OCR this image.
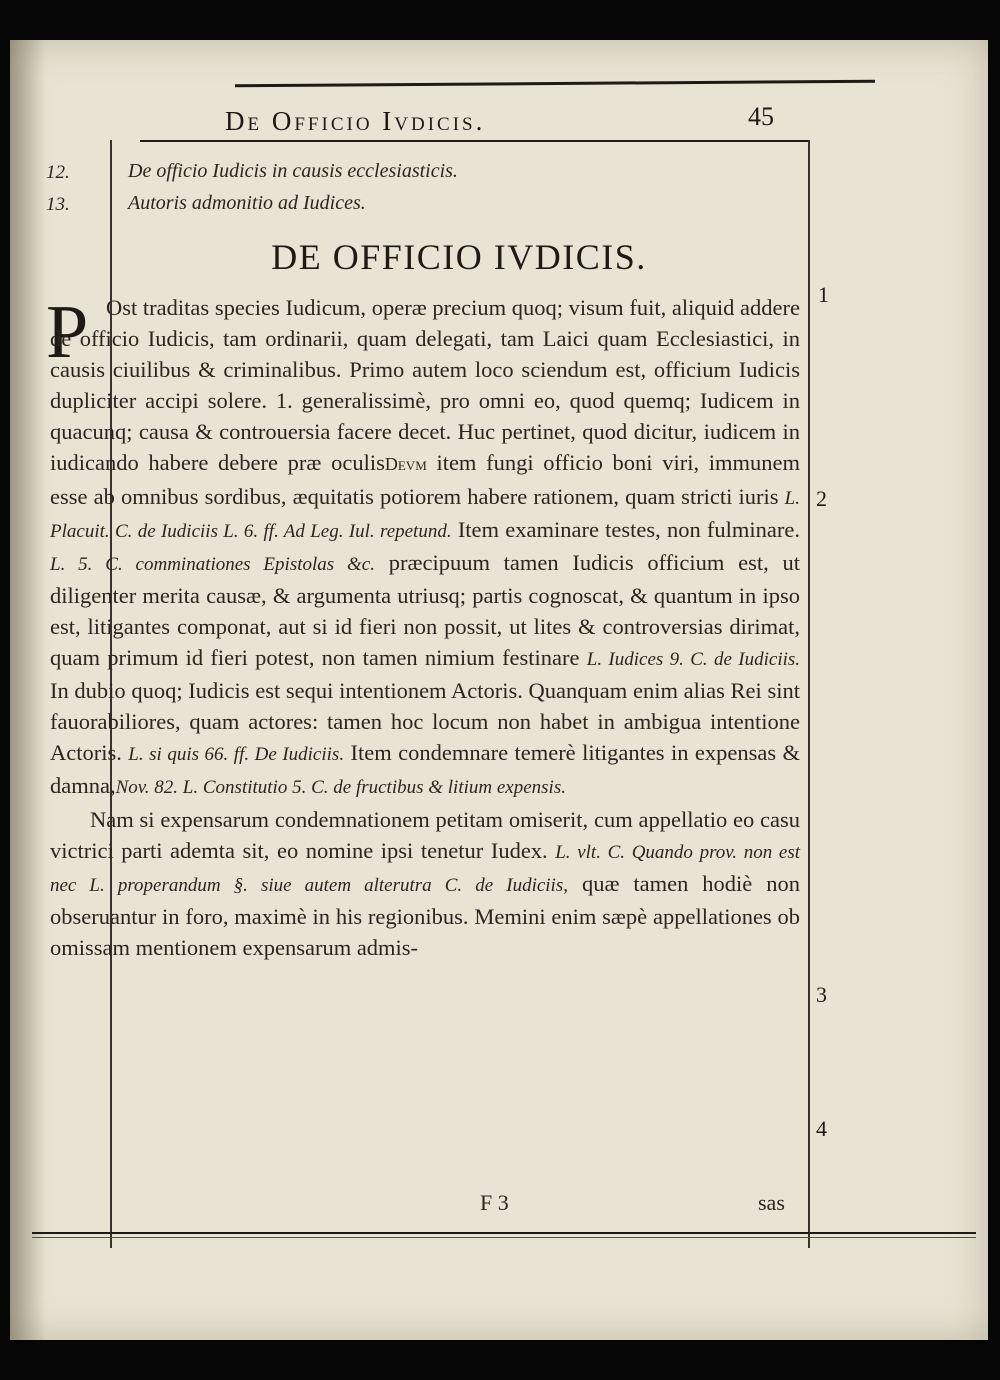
De Officio Ivdicis.	45
12.	De officio Iudicis in causis ecclesiasticis.
13.	Autoris admonitio ad Iudices.
DE OFFICIO IVDICIS.
P Ost traditas species Iudicum, operæ precium quoq; visum fuit, aliquid addere de officio Iudicis, tam ordinarii, quam delegati, tam Laici quam Ecclesiastici, in causis ciuilibus & criminalibus. Primo autem loco sciendum est, officium Iudicis dupliciter accipi solere. 1. generalissimè, pro omni eo, quod quemq; Iudicem in quacunq; causa & controuersia facere decet. Huc pertinet, quod dicitur, iudicem in iudicando habere debere præ oculisDevm item fungi officio boni viri, immunem esse ab omnibus sordibus, æquitatis potiorem habere rationem, quam stricti iuris L. Placuit. C. de Iudiciis L. 6. ff. Ad Leg. Iul. repetund. Item examinare testes, non fulminare. L. 5. C. comminationes Epistolas &c. præcipuum tamen Iudicis officium est, ut diligenter merita causæ, & argumenta utriusq; partis cognoscat, & quantum in ipso est, litigantes componat, aut si id fieri non possit, ut lites & controversias dirimat, quam primum id fieri potest, non tamen nimium festinare L. Iudices 9. C. de Iudiciis. In dubio quoq; Iudicis est sequi intentionem Actoris. Quanquam enim alias Rei sint fauorabiliores, quam actores: tamen hoc locum non habet in ambigua intentione Actoris. L. si quis 66. ff. De Iudiciis. Item condemnare temerè litigantes in expensas & damna,Nov. 82. L. Constitutio 5. C. de fructibus & litium expensis.

Nam si expensarum condemnationem petitam omiserit, cum appellatio eo casu victrici parti ademta sit, eo nomine ipsi tenetur Iudex. L. vlt. C. Quando prov. non est nec L. properandum §. siue autem alterutra C. de Iudiciis, quæ tamen hodiè non obseruantur in foro, maximè in his regionibus. Memini enim sæpè appellationes ob omissam mentionem expensarum admis-

1
2
3
4
F 3	sas
